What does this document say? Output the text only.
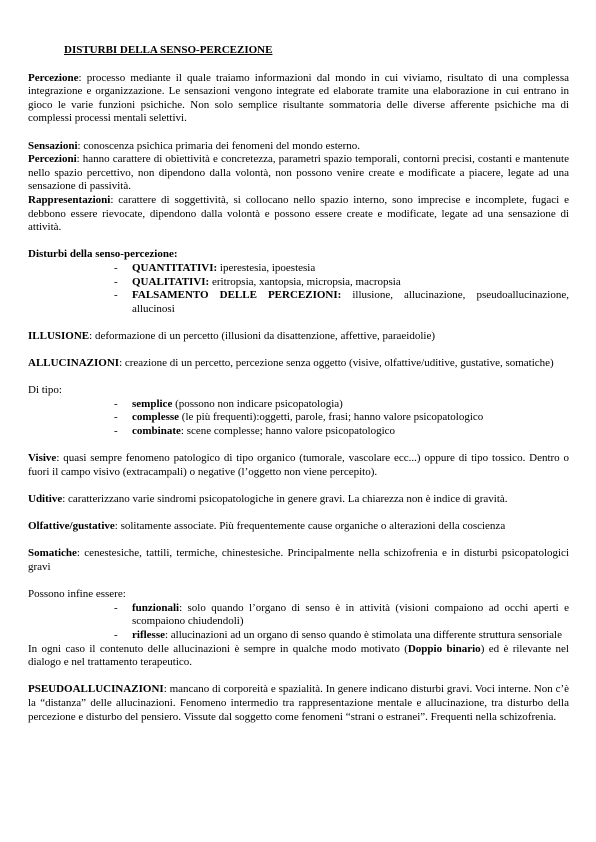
DISTURBI DELLA SENSO-PERCEZIONE

Percezione: processo mediante il quale traiamo informazioni dal mondo in cui viviamo, risultato di una complessa integrazione e organizzazione. Le sensazioni vengono integrate ed elaborate tramite una elaborazione in cui entrano in gioco le varie funzioni psichiche. Non solo semplice risultante sommatoria delle diverse afferente psichiche ma di complessi processi mentali selettivi.

Sensazioni: conoscenza psichica primaria dei fenomeni del mondo esterno.

Percezioni: hanno carattere di obiettività e concretezza, parametri spazio temporali, contorni precisi, costanti e mantenute nello spazio percettivo, non dipendono dalla volontà, non possono venire create e modificate a piacere, legate ad una sensazione di passività.

Rappresentazioni: carattere di soggettività, si collocano nello spazio interno, sono imprecise e incomplete, fugaci e debbono essere rievocate, dipendono dalla volontà e possono essere create e modificate, legate ad una sensazione di attività.

Disturbi della senso-percezione:

- QUANTITATIVI: iperestesia, ipoestesia
- QUALITATIVI: eritropsia, xantopsia, micropsia, macropsia
- FALSAMENTO DELLE PERCEZIONI: illusione, allucinazione, pseudoallucinazione, allucinosi

ILLUSIONE: deformazione di un percetto (illusioni da disattenzione, affettive, paraeidolie)

ALLUCINAZIONI: creazione di un percetto, percezione senza oggetto (visive, olfattive/uditive, gustative, somatiche)

Di tipo:

- semplice (possono non indicare psicopatologia)
- complesse (le più frequenti):oggetti, parole, frasi; hanno valore psicopatologico
- combinate: scene complesse; hanno valore psicopatologico

Visive: quasi sempre fenomeno patologico di tipo organico (tumorale, vascolare ecc...) oppure di tipo tossico. Dentro o fuori il campo visivo (extracampali) o negative (l’oggetto non viene percepito).

Uditive: caratterizzano varie sindromi psicopatologiche in genere gravi. La chiarezza non è indice di gravità.

Olfattive/gustative: solitamente associate. Più frequentemente cause organiche o alterazioni della coscienza

Somatiche: cenestesiche, tattili, termiche, chinestesiche. Principalmente nella schizofrenia e in disturbi psicopatologici gravi

Possono infine essere:

- funzionali: solo quando l’organo di senso è in attività (visioni compaiono ad occhi aperti e scompaiono chiudendoli)
- riflesse: allucinazioni ad un organo di senso quando è stimolata una differente struttura sensoriale

In ogni caso il contenuto delle allucinazioni è sempre in qualche modo motivato (Doppio binario) ed è rilevante nel dialogo e nel trattamento terapeutico.

PSEUDOALLUCINAZIONI: mancano di corporeità e spazialità. In genere indicano disturbi gravi. Voci interne. Non c’è la “distanza” delle allucinazioni. Fenomeno intermedio tra rappresentazione mentale e allucinazione, tra disturbo della percezione e disturbo del pensiero. Vissute dal soggetto come fenomeni “strani o estranei”. Frequenti nella schizofrenia.
